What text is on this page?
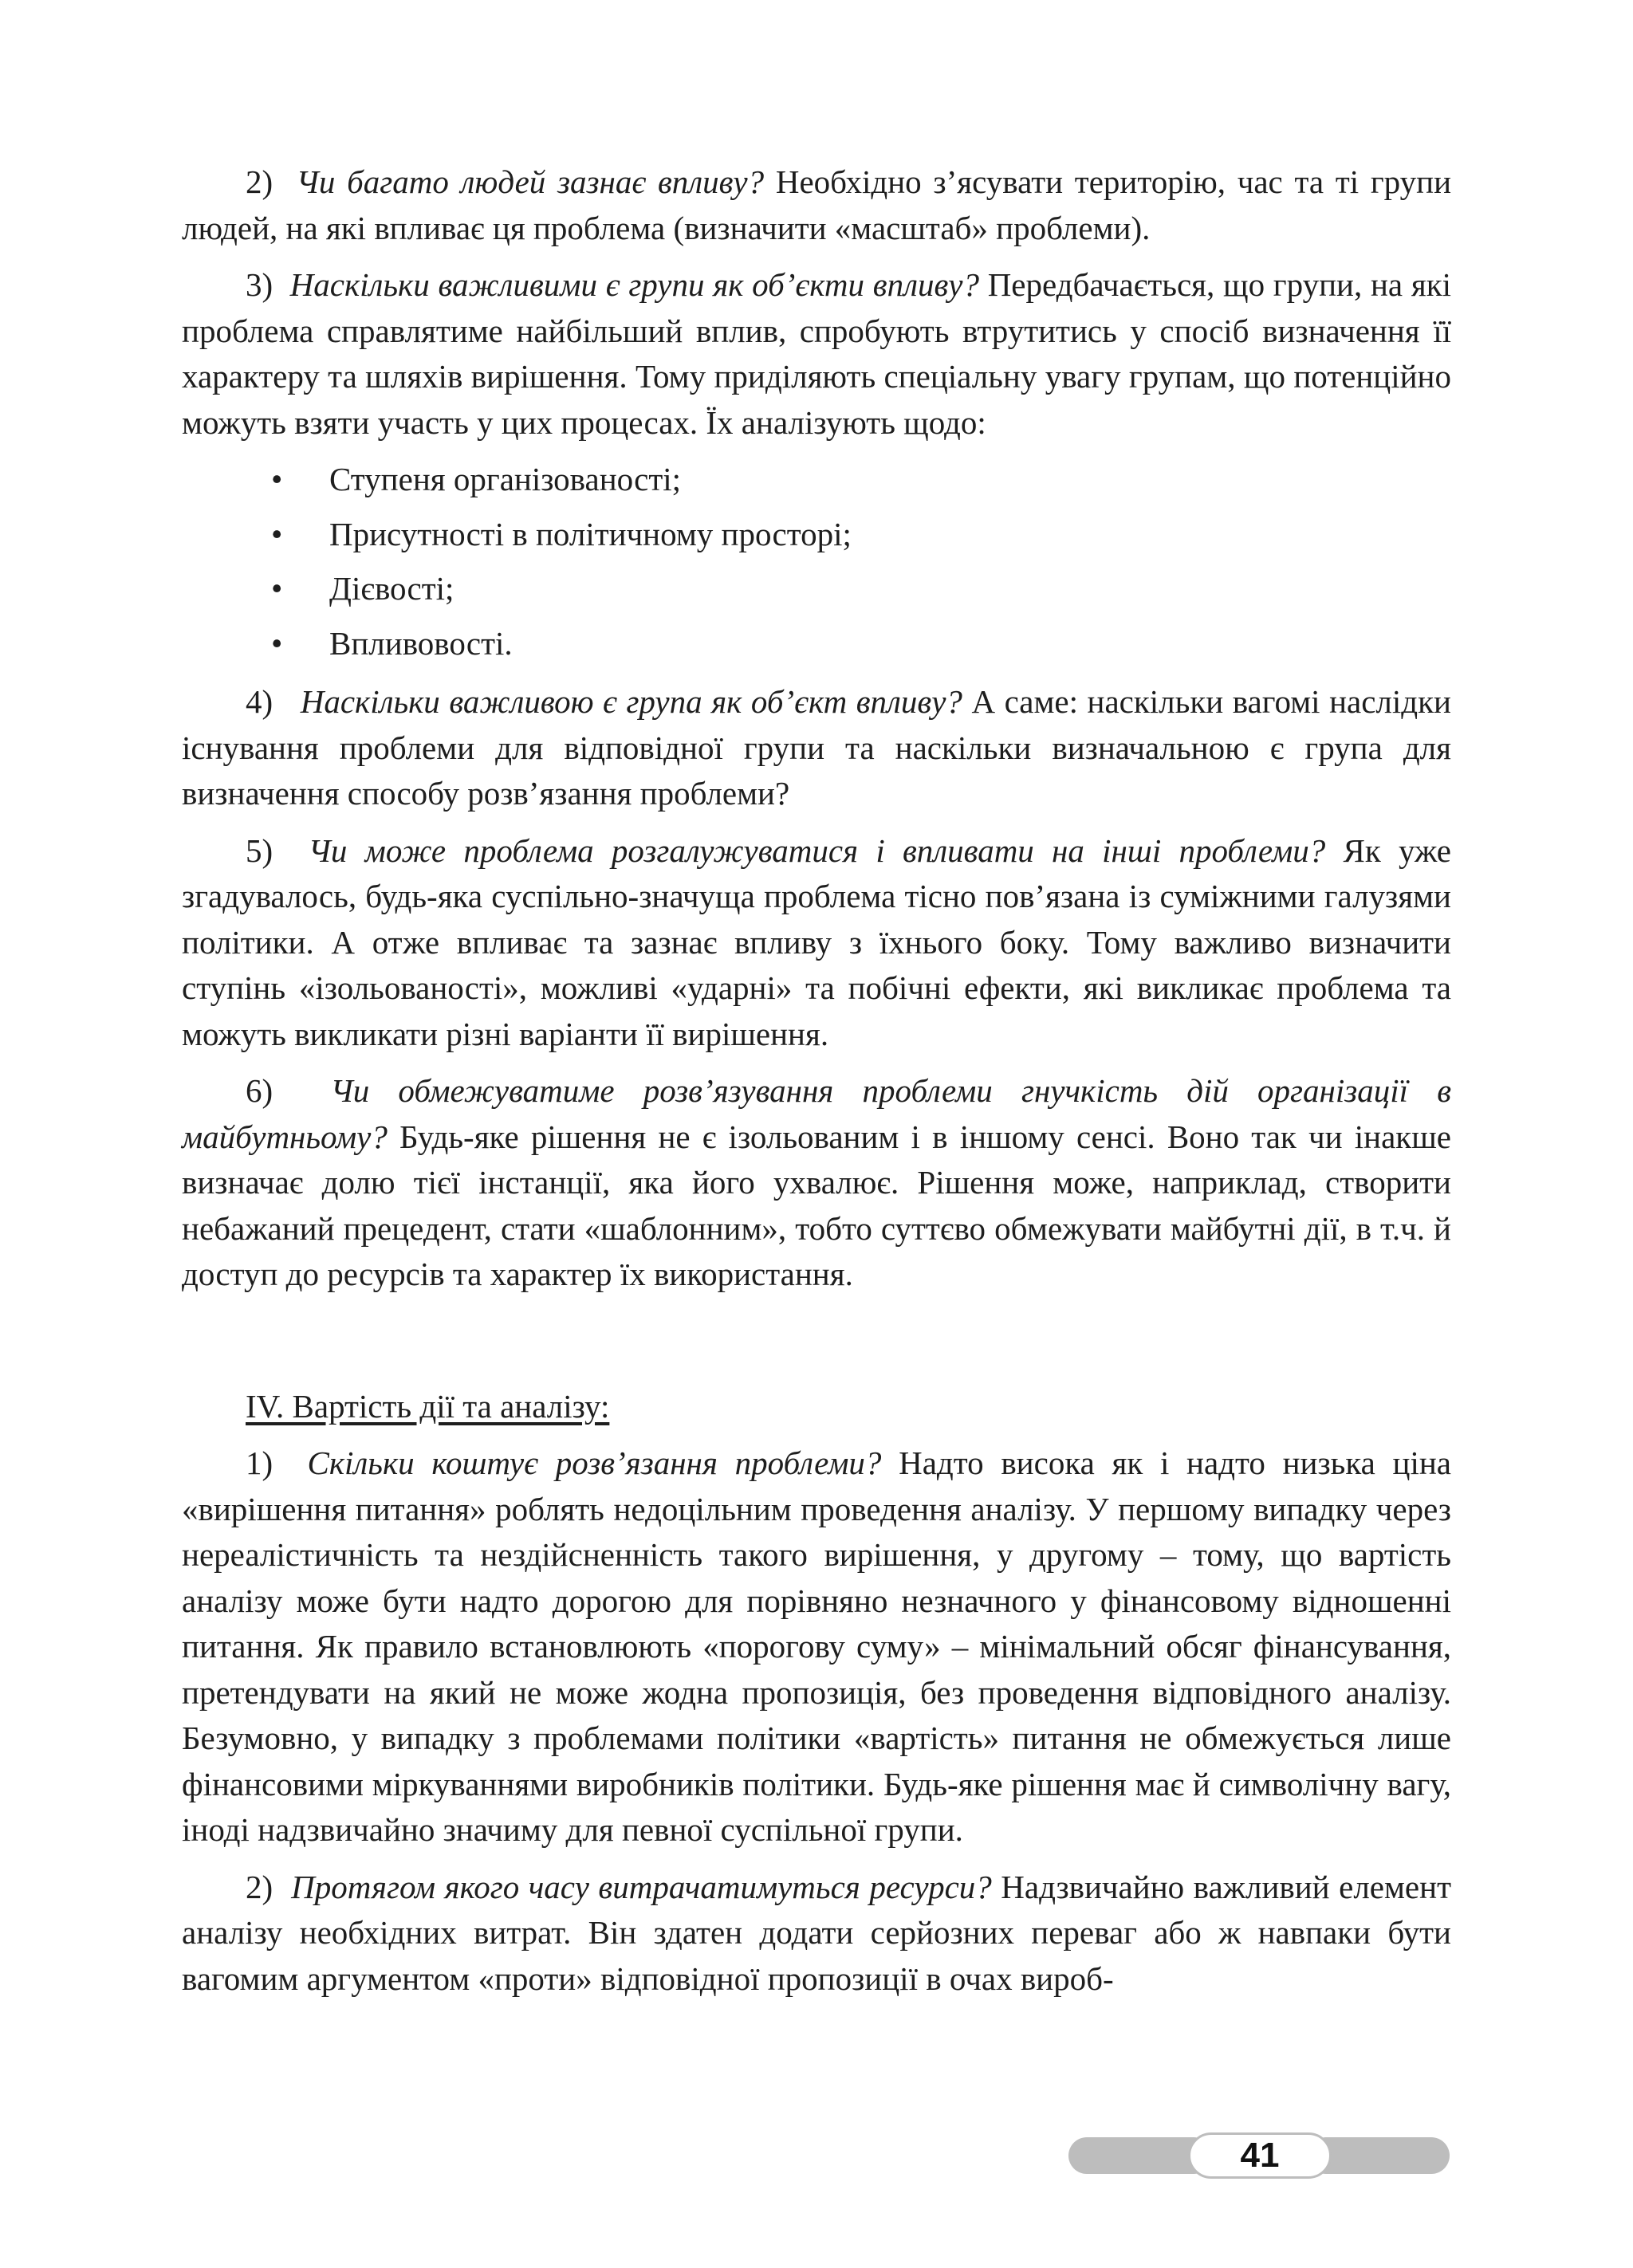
2) Чи багато людей зазнає впливу? Необхідно з’ясувати територію, час та ті групи людей, на які впливає ця проблема (визначити «масштаб» проблеми).

3) Наскільки важливими є групи як об’єкти впливу? Передбачається, що групи, на які проблема справлятиме найбільший вплив, спробують втрутитись у спосіб визначення її характеру та шляхів вирішення. Тому приділяють спеціальну увагу групам, що потенційно можуть взяти участь у цих процесах. Їх аналізують щодо:

• Ступеня організованості;
• Присутності в політичному просторі;
• Дієвості;
• Впливовості.

4) Наскільки важливою є група як об’єкт впливу? А саме: наскільки вагомі наслідки існування проблеми для відповідної групи та наскільки визначальною є група для визначення способу розв’язання проблеми?

5) Чи може проблема розгалужуватися і впливати на інші проблеми? Як уже згадувалось, будь-яка суспільно-значуща проблема тісно пов’язана із суміжними галузями політики. А отже впливає та зазнає впливу з їхнього боку. Тому важливо визначити ступінь «ізольованості», можливі «ударні» та побічні ефекти, які викликає проблема та можуть викликати різні варіанти її вирішення.

6) Чи обмежуватиме розв’язування проблеми гнучкість дій організації в майбутньому? Будь-яке рішення не є ізольованим і в іншому сенсі. Воно так чи інакше визначає долю тієї інстанції, яка його ухвалює. Рішення може, наприклад, створити небажаний прецедент, стати «шаблонним», тобто суттєво обмежувати майбутні дії, в т.ч. й доступ до ресурсів та характер їх використання.

IV. Вартість дії та аналізу:

1) Скільки коштує розв’язання проблеми? Надто висока як і надто низька ціна «вирішення питання» роблять недоцільним проведення аналізу. У першому випадку через нереалістичність та нездійсненність такого вирішення, у другому – тому, що вартість аналізу може бути надто дорогою для порівняно незначного у фінансовому відношенні питання. Як правило встановлюють «порогову суму» – мінімальний обсяг фінансування, претендувати на який не може жодна пропозиція, без проведення відповідного аналізу. Безумовно, у випадку з проблемами політики «вартість» питання не обмежується лише фінансовими міркуваннями виробників політики. Будь-яке рішення має й символічну вагу, іноді надзвичайно значиму для певної суспільної групи.

2) Протягом якого часу витрачатимуться ресурси? Надзвичайно важливий елемент аналізу необхідних витрат. Він здатен додати серйозних переваг або ж навпаки бути вагомим аргументом «проти» відповідної пропозиції в очах вироб-

41
